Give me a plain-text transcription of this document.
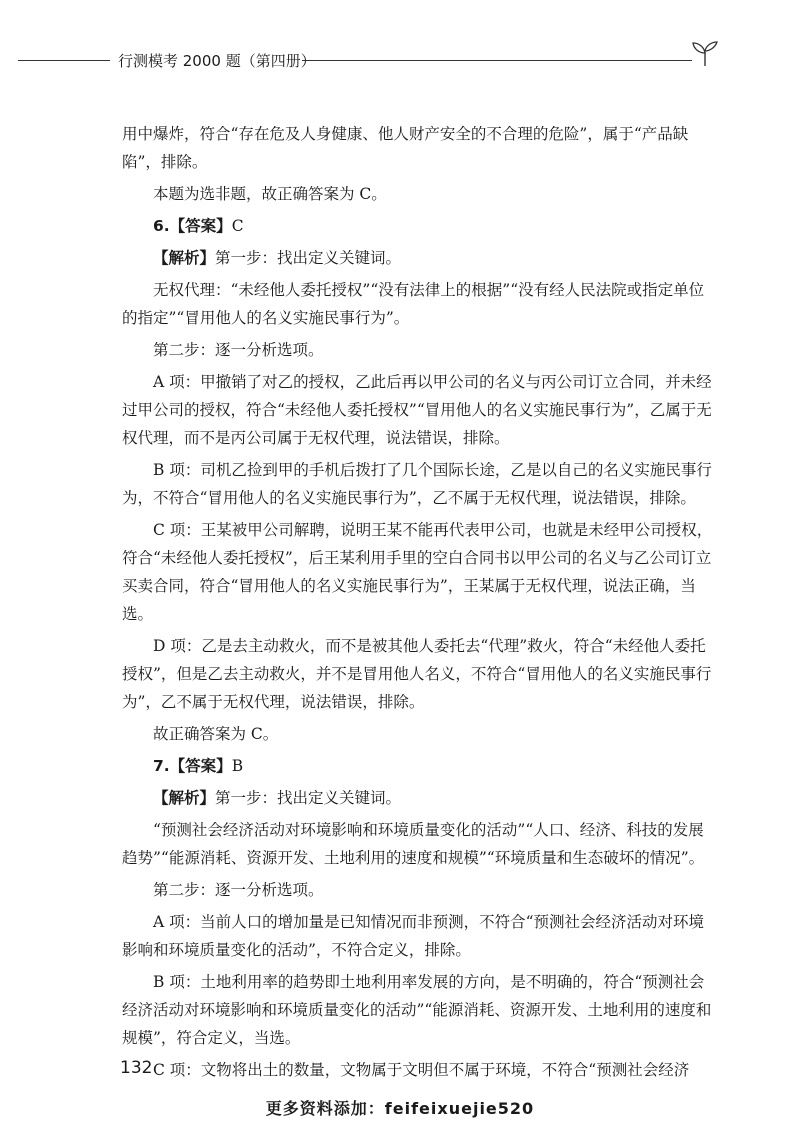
行测模考 2000 题（第四册）

用中爆炸，符合“存在危及人身健康、他人财产安全的不合理的危险”，属于“产品缺陷”，排除。

本题为选非题，故正确答案为 C。

6.【答案】C

【解析】第一步：找出定义关键词。

无权代理：“未经他人委托授权”“没有法律上的根据”“没有经人民法院或指定单位的指定”“冒用他人的名义实施民事行为”。

第二步：逐一分析选项。

A 项：甲撤销了对乙的授权，乙此后再以甲公司的名义与丙公司订立合同，并未经过甲公司的授权，符合“未经他人委托授权”“冒用他人的名义实施民事行为”，乙属于无权代理，而不是丙公司属于无权代理，说法错误，排除。

B 项：司机乙捡到甲的手机后拨打了几个国际长途，乙是以自己的名义实施民事行为，不符合“冒用他人的名义实施民事行为”，乙不属于无权代理，说法错误，排除。

C 项：王某被甲公司解聘，说明王某不能再代表甲公司，也就是未经甲公司授权，符合“未经他人委托授权”，后王某利用手里的空白合同书以甲公司的名义与乙公司订立买卖合同，符合“冒用他人的名义实施民事行为”，王某属于无权代理，说法正确，当选。

D 项：乙是去主动救火，而不是被其他人委托去“代理”救火，符合“未经他人委托授权”，但是乙去主动救火，并不是冒用他人名义，不符合“冒用他人的名义实施民事行为”，乙不属于无权代理，说法错误，排除。

故正确答案为 C。

7.【答案】B

【解析】第一步：找出定义关键词。

“预测社会经济活动对环境影响和环境质量变化的活动”“人口、经济、科技的发展趋势”“能源消耗、资源开发、土地利用的速度和规模”“环境质量和生态破坏的情况”。

第二步：逐一分析选项。

A 项：当前人口的增加量是已知情况而非预测，不符合“预测社会经济活动对环境影响和环境质量变化的活动”，不符合定义，排除。

B 项：土地利用率的趋势即土地利用率发展的方向，是不明确的，符合“预测社会经济活动对环境影响和环境质量变化的活动”“能源消耗、资源开发、土地利用的速度和规模”，符合定义，当选。

C 项：文物将出土的数量，文物属于文明但不属于环境，不符合“预测社会经济

132
更多资料添加：feifeixuejie520
